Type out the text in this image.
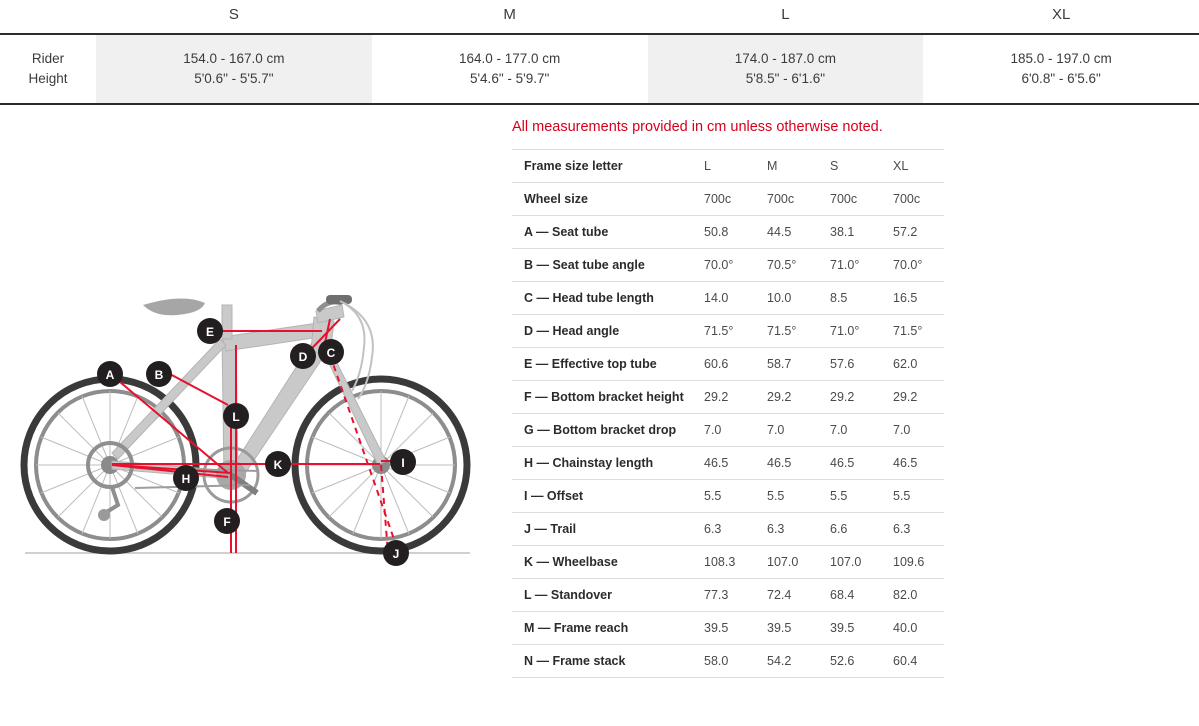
	S	M	L	XL

Rider
Height

154.0 - 167.0 cm
5'0.6" - 5'5.7"

164.0 - 177.0 cm
5'4.6" - 5'9.7"

174.0 - 187.0 cm
5'8.5" - 6'1.6"

185.0 - 197.0 cm
6'0.8" - 6'5.6"
A	B
C
D
E
F
H
I
J
K
L

All measurements provided in cm unless otherwise noted.

Frame size letter	L	M	S	XL
Wheel size	700c	700c	700c	700c
A — Seat tube	50.8	44.5	38.1	57.2
B — Seat tube angle	70.0°	70.5°	71.0°	70.0°
C — Head tube length	14.0	10.0	8.5	16.5
D — Head angle	71.5°	71.5°	71.0°	71.5°
E — Effective top tube	60.6	58.7	57.6	62.0
F — Bottom bracket height	29.2	29.2	29.2	29.2
G — Bottom bracket drop	7.0	7.0	7.0	7.0
H — Chainstay length	46.5	46.5	46.5	46.5
I — Offset	5.5	5.5	5.5	5.5
J — Trail	6.3	6.3	6.6	6.3
K — Wheelbase	108.3	107.0	107.0	109.6
L — Standover	77.3	72.4	68.4	82.0
M — Frame reach	39.5	39.5	39.5	40.0
N — Frame stack	58.0	54.2	52.6	60.4
